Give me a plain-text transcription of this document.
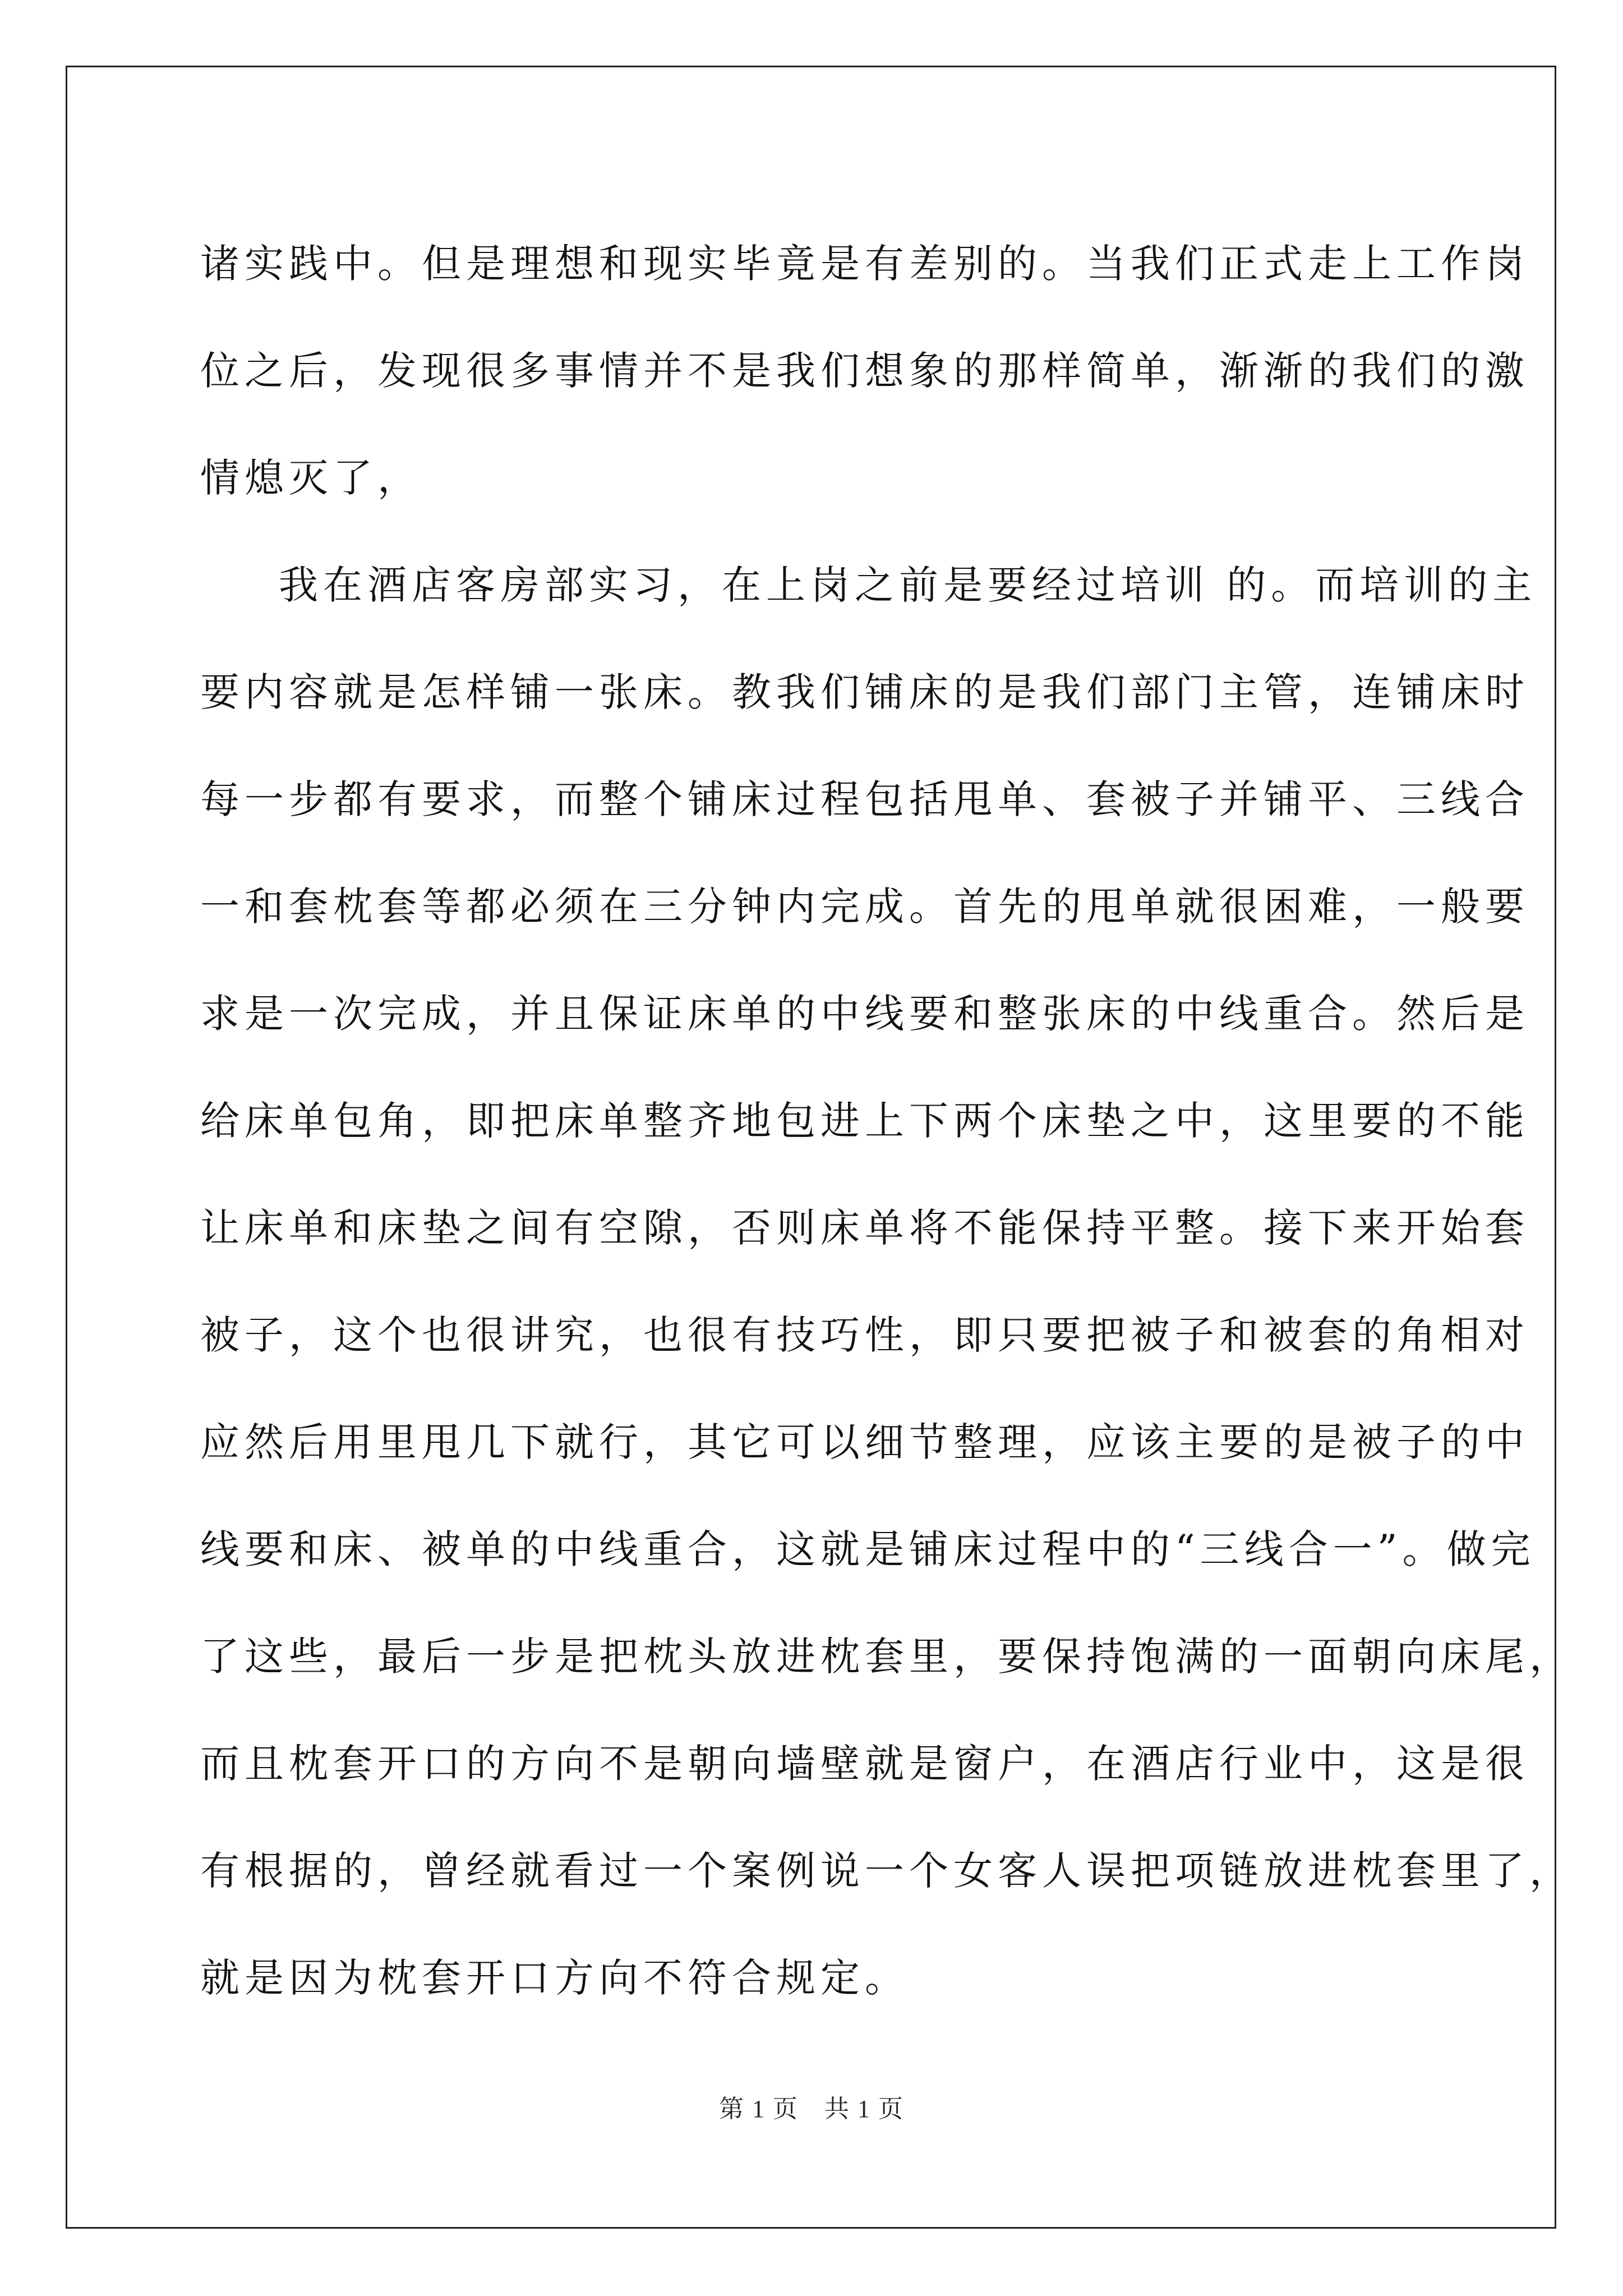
诸实践中。但是理想和现实毕竟是有差别的。当我们正式走上工作岗
位之后，发现很多事情并不是我们想象的那样简单，渐渐的我们的激
情熄灭了，
我在酒店客房部实习，在上岗之前是要经过培训 的。而培训的主
要内容就是怎样铺一张床。教我们铺床的是我们部门主管，连铺床时
每一步都有要求，而整个铺床过程包括甩单、套被子并铺平、三线合
一和套枕套等都必须在三分钟内完成。首先的甩单就很困难，一般要
求是一次完成，并且保证床单的中线要和整张床的中线重合。然后是
给床单包角，即把床单整齐地包进上下两个床垫之中，这里要的不能
让床单和床垫之间有空隙，否则床单将不能保持平整。接下来开始套
被子，这个也很讲究，也很有技巧性，即只要把被子和被套的角相对
应然后用里甩几下就行，其它可以细节整理，应该主要的是被子的中
线要和床、被单的中线重合，这就是铺床过程中的“三线合一”。做完
了这些，最后一步是把枕头放进枕套里，要保持饱满的一面朝向床尾，
而且枕套开口的方向不是朝向墙壁就是窗户，在酒店行业中，这是很
有根据的，曾经就看过一个案例说一个女客人误把项链放进枕套里了，
就是因为枕套开口方向不符合规定。
第 1 页　共 1 页
